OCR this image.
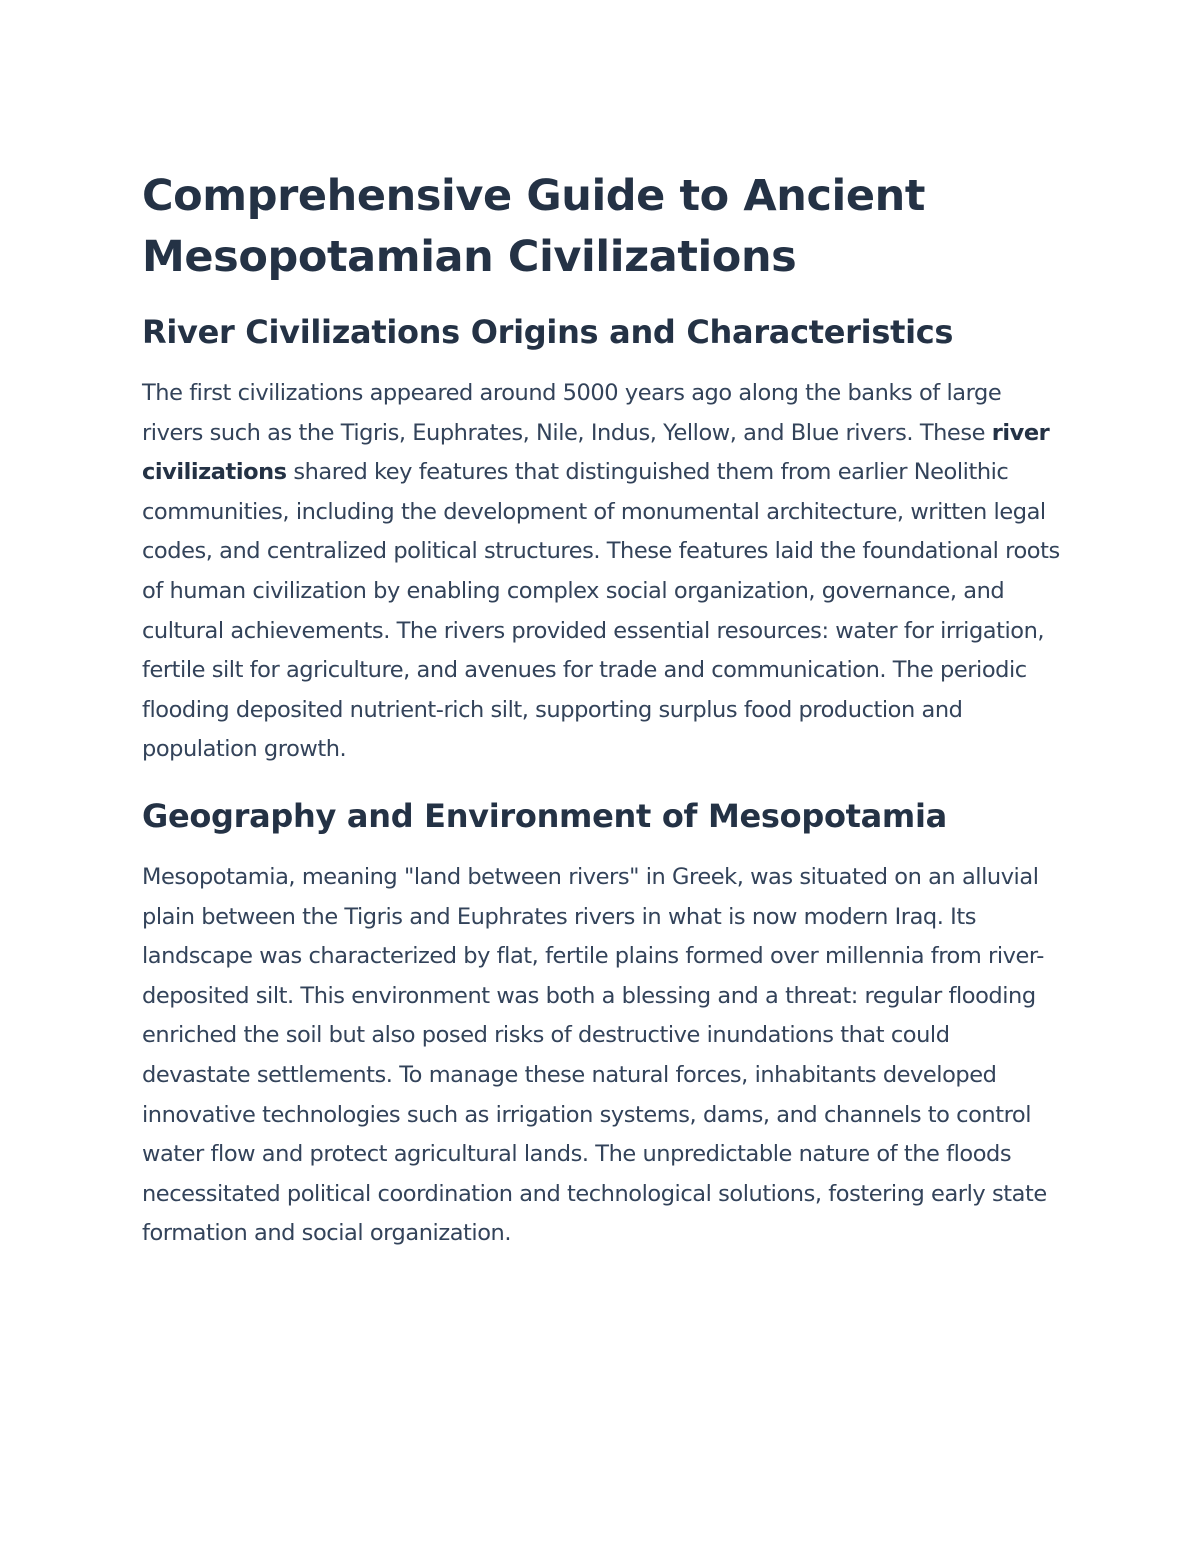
Comprehensive Guide to Ancient Mesopotamian Civilizations
River Civilizations Origins and Characteristics

The first civilizations appeared around 5000 years ago along the banks of large rivers such as the Tigris, Euphrates, Nile, Indus, Yellow, and Blue rivers. These river civilizations shared key features that distinguished them from earlier Neolithic communities, including the development of monumental architecture, written legal codes, and centralized political structures. These features laid the foundational roots of human civilization by enabling complex social organization, governance, and cultural achievements. The rivers provided essential resources: water for irrigation, fertile silt for agriculture, and avenues for trade and communication. The periodic flooding deposited nutrient-rich silt, supporting surplus food production and population growth.

Geography and Environment of Mesopotamia

Mesopotamia, meaning "land between rivers" in Greek, was situated on an alluvial plain between the Tigris and Euphrates rivers in what is now modern Iraq. Its landscape was characterized by flat, fertile plains formed over millennia from river-deposited silt. This environment was both a blessing and a threat: regular flooding enriched the soil but also posed risks of destructive inundations that could devastate settlements. To manage these natural forces, inhabitants developed innovative technologies such as irrigation systems, dams, and channels to control water flow and protect agricultural lands. The unpredictable nature of the floods necessitated political coordination and technological solutions, fostering early state formation and social organization.
